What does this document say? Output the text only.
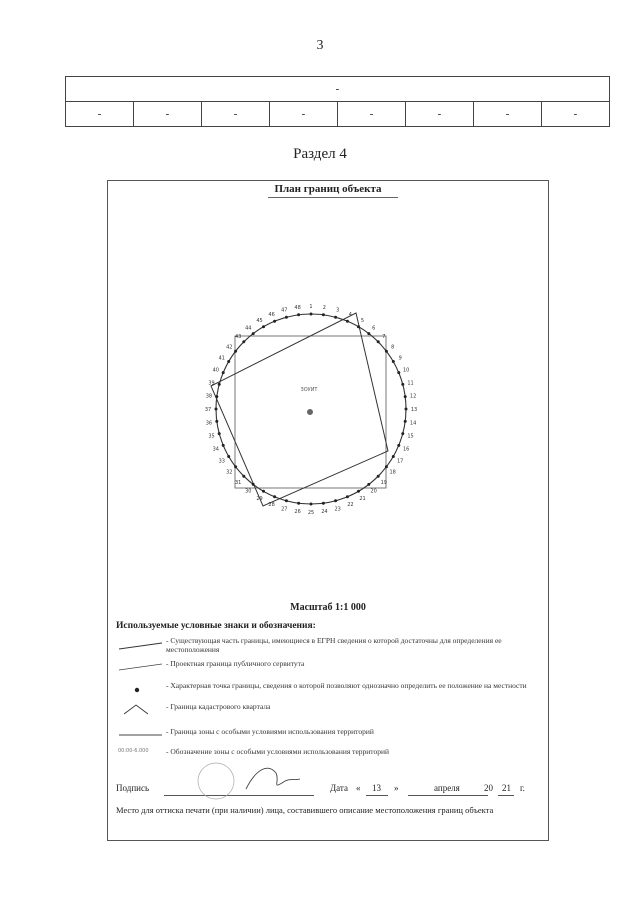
3
-
-	-	-	-	-	-	-	-
Раздел 4
План границ объекта
1 2 3
4
5
6
7
8
9
10
11
12
13
14
15
16
17
18
19
20
21
22
23
24
25
26
27
28
29
30
31
32
33
34
35
36
37
38
39
40
41
42
43
44
45
46
47 48
ЗОУИТ
Масштаб 1:1 000
Используемые условные знаки и обозначения:
- Существующая часть границы, имеющиеся в ЕГРН сведения о которой достаточны для определения ее местоположения
- Проектная граница публичного сервитута
- Характерная точка границы, сведения о которой позволяют однозначно определить ее положение на местности
- Граница кадастрового квартала
- Граница зоны с особыми условиями использования территорий
00:00-6.000	- Обозначение зоны с особыми условиями использования территорий
Подпись	Дата « 13 »	апреля	20 21 г.
Место для оттиска печати (при наличии) лица, составившего описание местоположения границ объекта
